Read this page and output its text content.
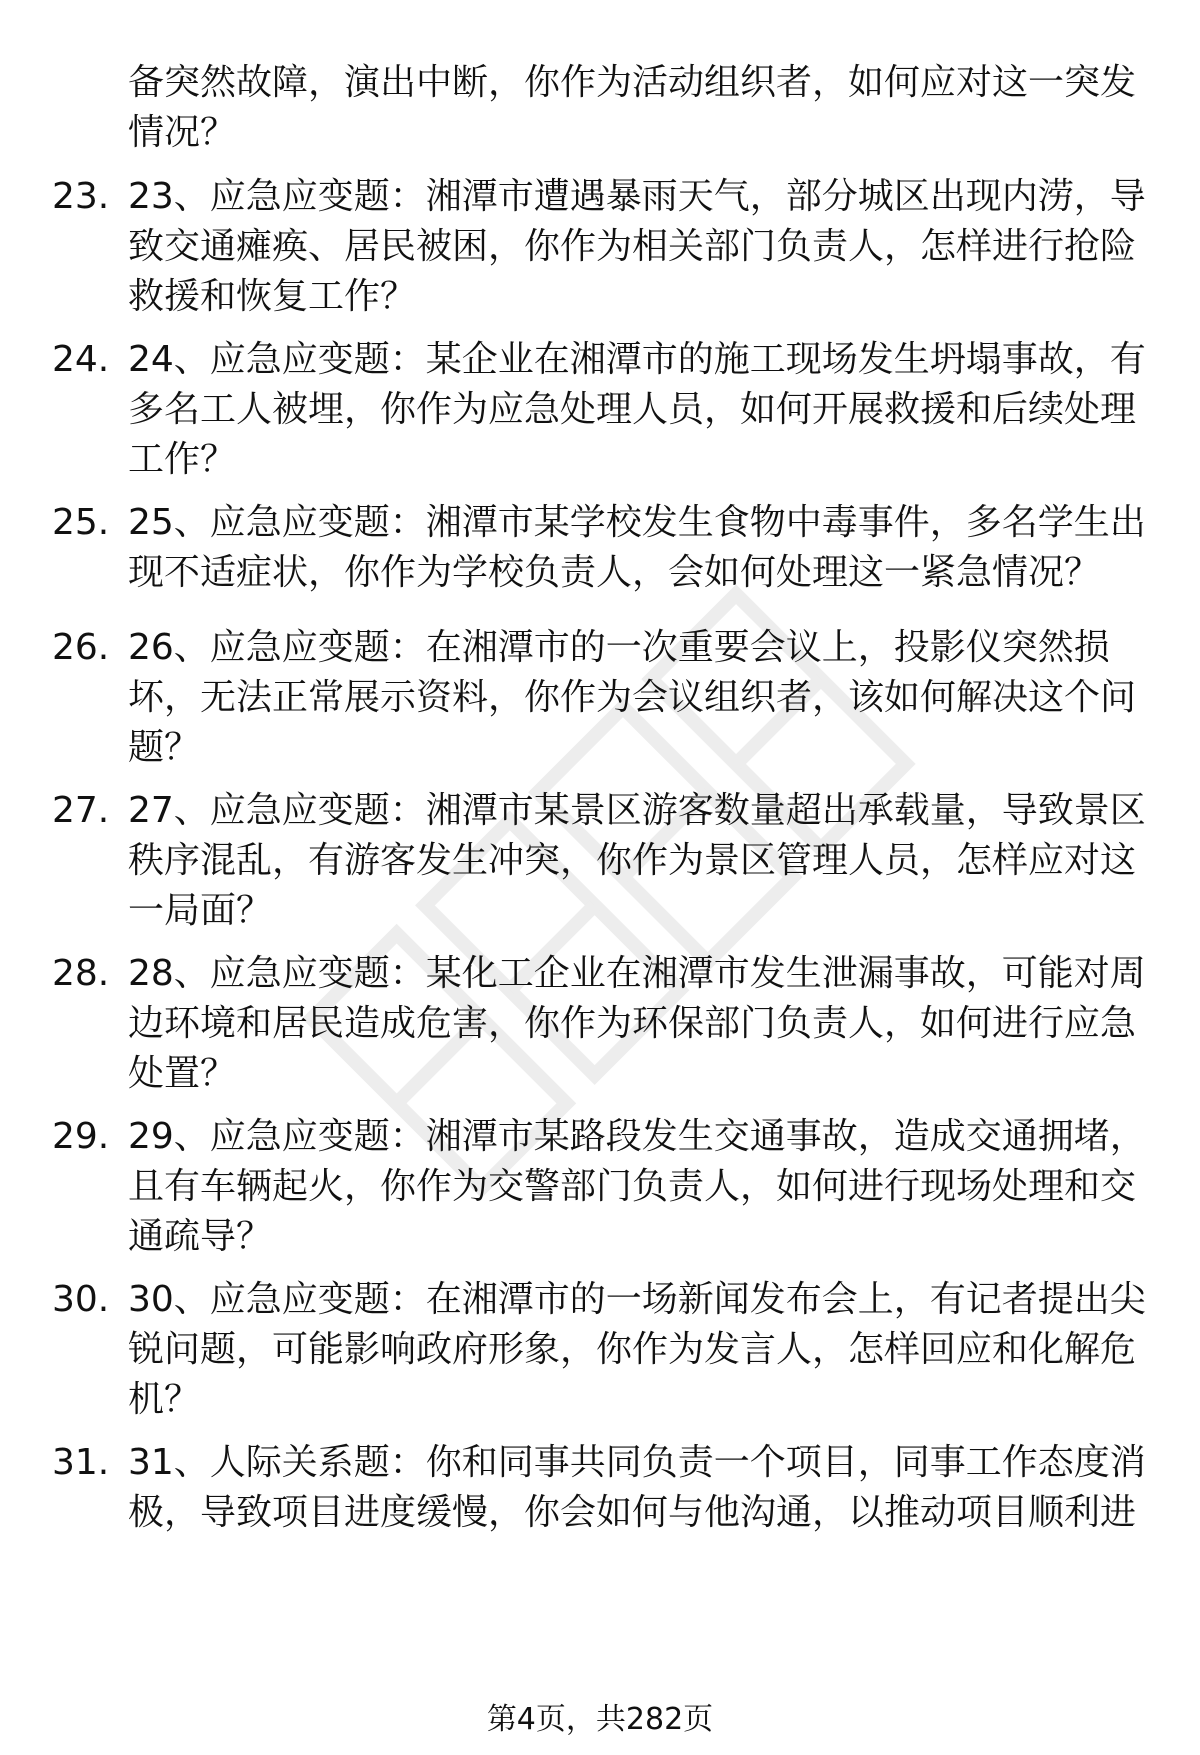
备突然故障，演出中断，你作为活动组织者，如何应对这一突发情况？
23. 23、应急应变题：湘潭市遭遇暴雨天气，部分城区出现内涝，导致交通瘫痪、居民被困，你作为相关部门负责人，怎样进行抢险救援和恢复工作？
24. 24、应急应变题：某企业在湘潭市的施工现场发生坍塌事故，有多名工人被埋，你作为应急处理人员，如何开展救援和后续处理工作？
25. 25、应急应变题：湘潭市某学校发生食物中毒事件，多名学生出现不适症状，你作为学校负责人，会如何处理这一紧急情况？
26. 26、应急应变题：在湘潭市的一次重要会议上，投影仪突然损坏，无法正常展示资料，你作为会议组织者，该如何解决这个问题？
27. 27、应急应变题：湘潭市某景区游客数量超出承载量，导致景区秩序混乱，有游客发生冲突，你作为景区管理人员，怎样应对这一局面？
28. 28、应急应变题：某化工企业在湘潭市发生泄漏事故，可能对周边环境和居民造成危害，你作为环保部门负责人，如何进行应急处置？
29. 29、应急应变题：湘潭市某路段发生交通事故，造成交通拥堵，且有车辆起火，你作为交警部门负责人，如何进行现场处理和交通疏导？
30. 30、应急应变题：在湘潭市的一场新闻发布会上，有记者提出尖锐问题，可能影响政府形象，你作为发言人，怎样回应和化解危机？
31. 31、人际关系题：你和同事共同负责一个项目，同事工作态度消极，导致项目进度缓慢，你会如何与他沟通，以推动项目顺利进
第4页，共282页
